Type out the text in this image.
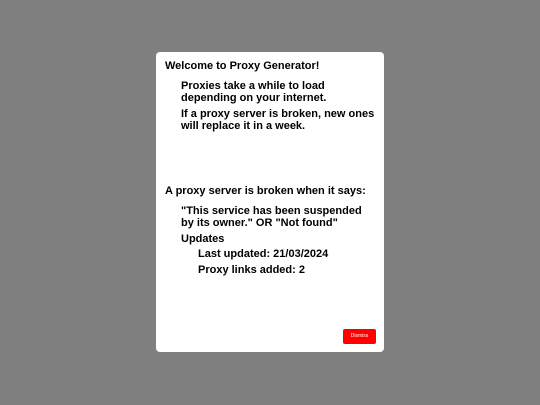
Welcome to Proxy Generator!

Proxies take a while to load depending on your internet.

If a proxy server is broken, new ones will replace it in a week.

A proxy server is broken when it says:

"This service has been suspended by its owner." OR "Not found"

Updates

Last updated: 21/03/2024

Proxy links added: 2

Dismiss
